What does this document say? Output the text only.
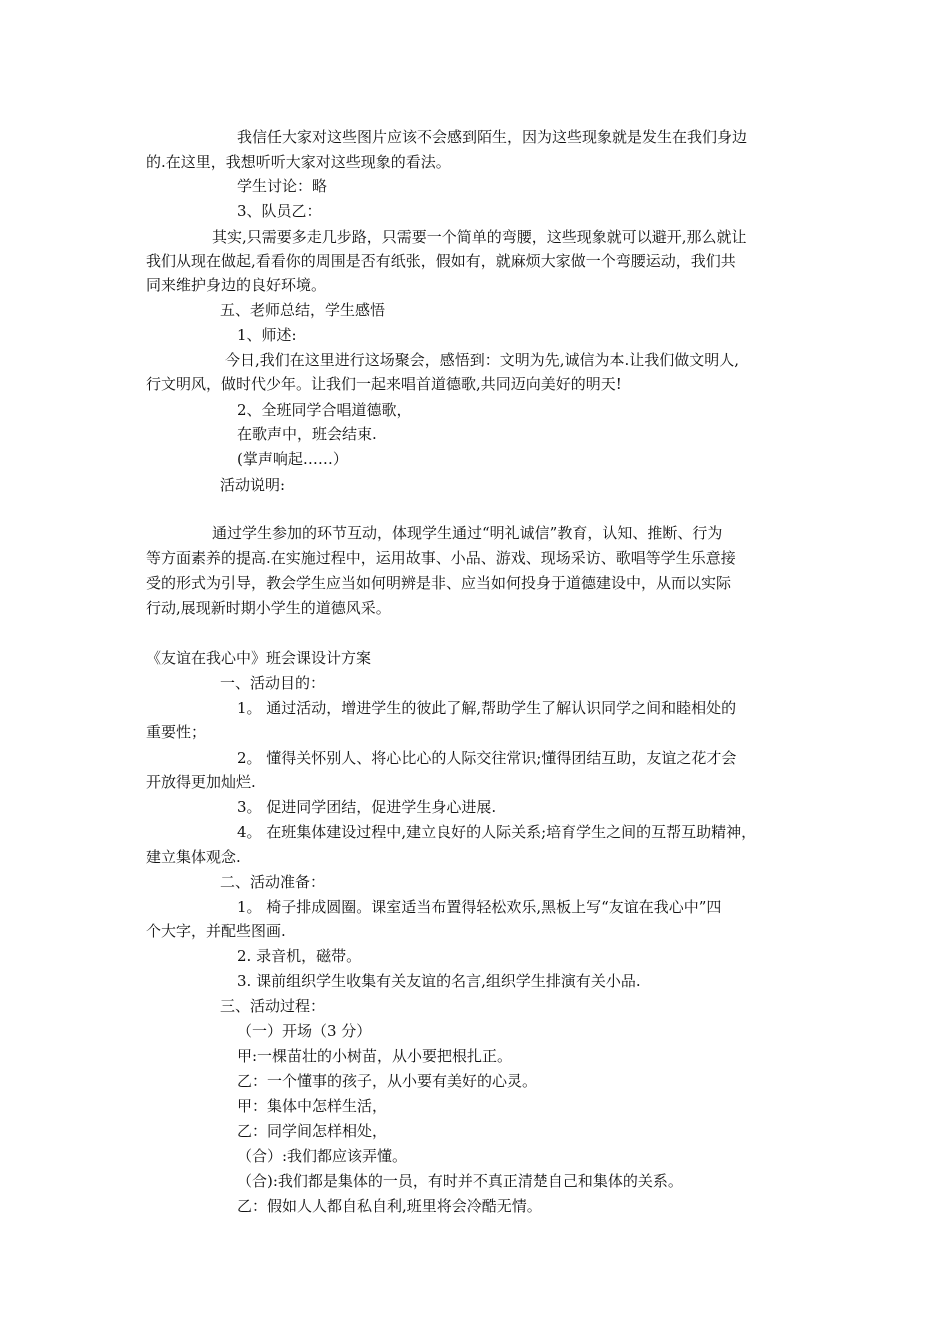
我信任大家对这些图片应该不会感到陌生，因为这些现象就是发生在我们身边
的.在这里，我想听听大家对这些现象的看法。
学生讨论：略
3、队员乙：
其实,只需要多走几步路，只需要一个简单的弯腰，这些现象就可以避开,那么就让
我们从现在做起,看看你的周围是否有纸张，假如有，就麻烦大家做一个弯腰运动，我们共
同来维护身边的良好环境。
五、老师总结，学生感悟
1、师述:
今日,我们在这里进行这场聚会，感悟到：文明为先,诚信为本.让我们做文明人,
行文明风，做时代少年。让我们一起来唱首道德歌,共同迈向美好的明天!
2、全班同学合唱道德歌，
在歌声中，班会结束.
(掌声响起……）
活动说明:
通过学生参加的环节互动，体现学生通过“明礼诚信”教育，认知、推断、行为
等方面素养的提高.在实施过程中，运用故事、小品、游戏、现场采访、歌唱等学生乐意接
受的形式为引导，教会学生应当如何明辨是非、应当如何投身于道德建设中，从而以实际
行动,展现新时期小学生的道德风采。
《友谊在我心中》班会课设计方案
一、活动目的：
1。 通过活动，增进学生的彼此了解,帮助学生了解认识同学之间和睦相处的
重要性；
2。 懂得关怀别人、将心比心的人际交往常识;懂得团结互助，友谊之花才会
开放得更加灿烂.
3。 促进同学团结，促进学生身心进展.
4。 在班集体建设过程中,建立良好的人际关系;培育学生之间的互帮互助精神，
建立集体观念.
二、活动准备：
1。 椅子排成圆圈。课室适当布置得轻松欢乐,黑板上写“友谊在我心中”四
个大字，并配些图画.
2. 录音机，磁带。
3. 课前组织学生收集有关友谊的名言,组织学生排演有关小品.
三、活动过程：
（一）开场（3 分）
甲:一棵苗壮的小树苗，从小要把根扎正。
乙：一个懂事的孩子，从小要有美好的心灵。
甲：集体中怎样生活，
乙：同学间怎样相处，
（合）:我们都应该弄懂。
（合):我们都是集体的一员，有时并不真正清楚自己和集体的关系。
乙：假如人人都自私自利,班里将会冷酷无情。
